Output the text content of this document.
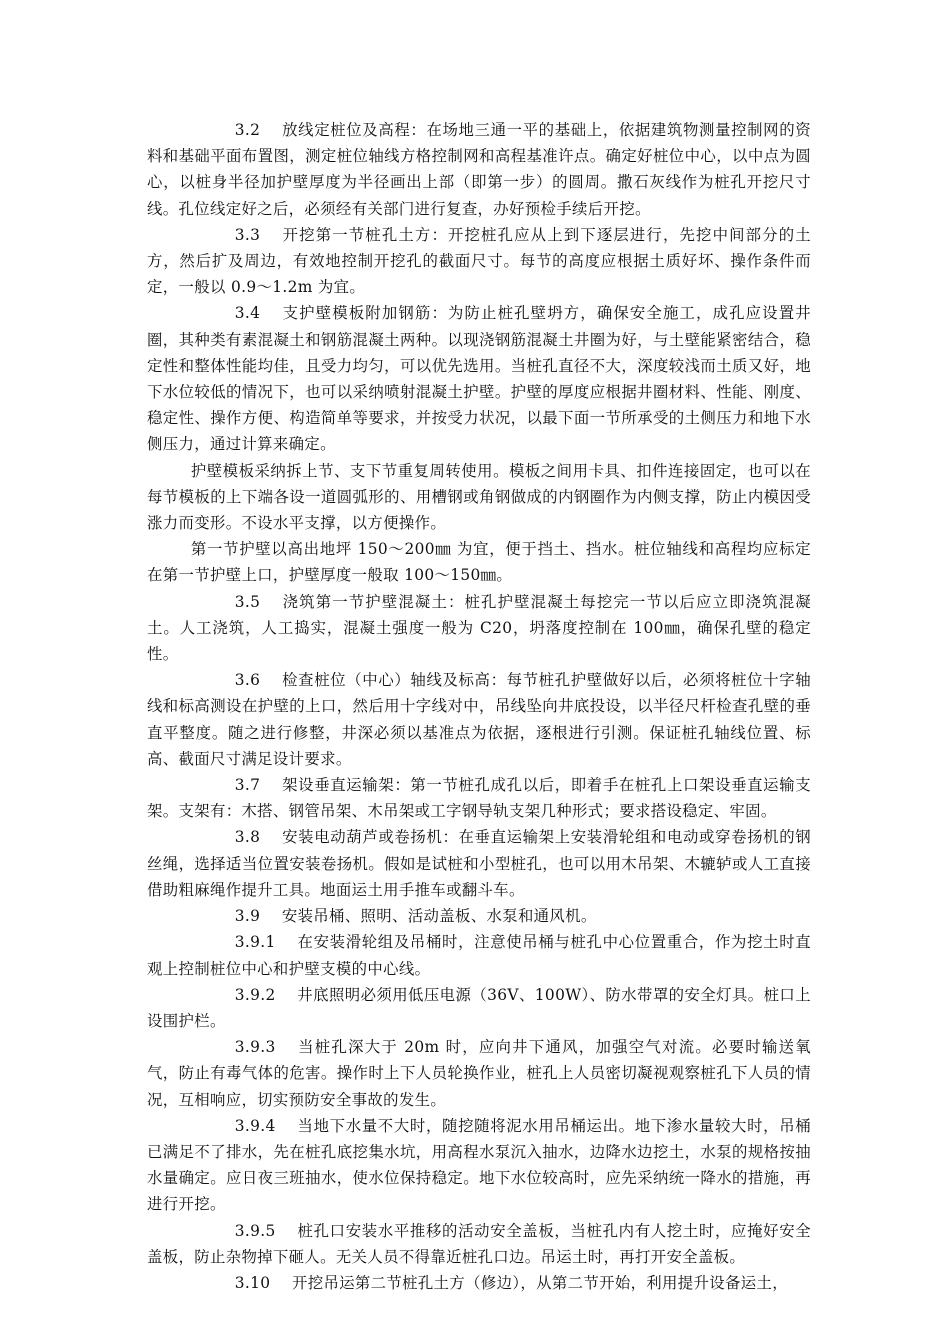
3.2 放线定桩位及高程：在场地三通一平的基础上，依据建筑物测量控制网的资料和基础平面布置图，测定桩位轴线方格控制网和高程基准许点。确定好桩位中心，以中点为圆心，以桩身半径加护壁厚度为半径画出上部（即第一步）的圆周。撒石灰线作为桩孔开挖尺寸线。孔位线定好之后，必须经有关部门进行复查，办好预检手续后开挖。

3.3 开挖第一节桩孔土方：开挖桩孔应从上到下逐层进行，先挖中间部分的土方，然后扩及周边，有效地控制开挖孔的截面尺寸。每节的高度应根据土质好坏、操作条件而定，一般以 0.9～1.2m 为宜。

3.4 支护壁模板附加钢筋：为防止桩孔壁坍方，确保安全施工，成孔应设置井圈，其种类有素混凝土和钢筋混凝土两种。以现浇钢筋混凝土井圈为好，与土壁能紧密结合，稳定性和整体性能均佳，且受力均匀，可以优先选用。当桩孔直径不大，深度较浅而土质又好，地下水位较低的情况下，也可以采纳喷射混凝土护壁。护壁的厚度应根据井圈材料、性能、刚度、稳定性、操作方便、构造简单等要求，并按受力状况，以最下面一节所承受的土侧压力和地下水侧压力，通过计算来确定。

护壁模板采纳拆上节、支下节重复周转使用。模板之间用卡具、扣件连接固定，也可以在每节模板的上下端各设一道圆弧形的、用槽钢或角钢做成的内钢圈作为内侧支撑，防止内模因受涨力而变形。不设水平支撑，以方便操作。

第一节护壁以高出地坪 150～200㎜ 为宜，便于挡土、挡水。桩位轴线和高程均应标定在第一节护壁上口，护壁厚度一般取 100～150㎜。

3.5 浇筑第一节护壁混凝土：桩孔护壁混凝土每挖完一节以后应立即浇筑混凝土。人工浇筑，人工捣实，混凝土强度一般为 C20，坍落度控制在 100㎜，确保孔壁的稳定性。

3.6 检查桩位（中心）轴线及标高：每节桩孔护壁做好以后，必须将桩位十字轴线和标高测设在护壁的上口，然后用十字线对中，吊线坠向井底投设，以半径尺杆检查孔壁的垂直平整度。随之进行修整，井深必须以基准点为依据，逐根进行引测。保证桩孔轴线位置、标高、截面尺寸满足设计要求。

3.7 架设垂直运输架：第一节桩孔成孔以后，即着手在桩孔上口架设垂直运输支架。支架有：木搭、钢管吊架、木吊架或工字钢导轨支架几种形式；要求搭设稳定、牢固。

3.8 安装电动葫芦或卷扬机：在垂直运输架上安装滑轮组和电动或穿卷扬机的钢丝绳，选择适当位置安装卷扬机。假如是试桩和小型桩孔，也可以用木吊架、木辘轳或人工直接借助粗麻绳作提升工具。地面运土用手推车或翻斗车。

3.9 安装吊桶、照明、活动盖板、水泵和通风机。

3.9.1 在安装滑轮组及吊桶时，注意使吊桶与桩孔中心位置重合，作为挖土时直观上控制桩位中心和护壁支模的中心线。

3.9.2 井底照明必须用低压电源（36V、100W）、防水带罩的安全灯具。桩口上设围护栏。

3.9.3 当桩孔深大于 20m 时，应向井下通风，加强空气对流。必要时输送氧气，防止有毒气体的危害。操作时上下人员轮换作业，桩孔上人员密切凝视观察桩孔下人员的情况，互相响应，切实预防安全事故的发生。

3.9.4 当地下水量不大时，随挖随将泥水用吊桶运出。地下渗水量较大时，吊桶已满足不了排水，先在桩孔底挖集水坑，用高程水泵沉入抽水，边降水边挖土，水泵的规格按抽水量确定。应日夜三班抽水，使水位保持稳定。地下水位较高时，应先采纳统一降水的措施，再进行开挖。

3.9.5 桩孔口安装水平推移的活动安全盖板，当桩孔内有人挖土时，应掩好安全盖板，防止杂物掉下砸人。无关人员不得靠近桩孔口边。吊运土时，再打开安全盖板。

3.10 开挖吊运第二节桩孔土方（修边），从第二节开始，利用提升设备运土，
